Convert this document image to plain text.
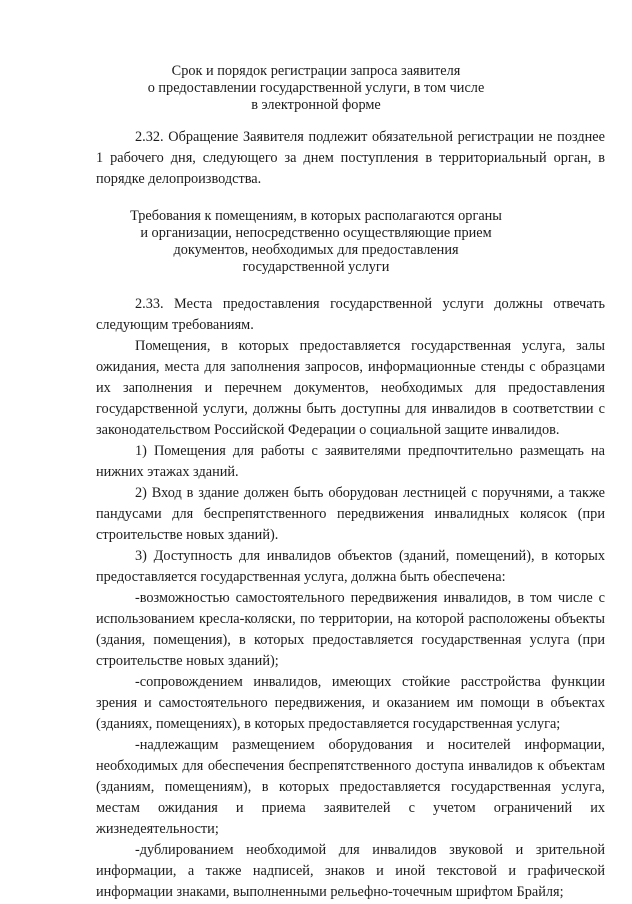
Срок и порядок регистрации запроса заявителя
о предоставлении государственной услуги, в том числе
в электронной форме

2.32. Обращение Заявителя подлежит обязательной регистрации не позднее 1 рабочего дня, следующего за днем поступления в территориальный орган, в порядке делопроизводства.

Требования к помещениям, в которых располагаются органы
и организации, непосредственно осуществляющие прием
документов, необходимых для предоставления
государственной услуги

2.33. Места предоставления государственной услуги должны отвечать следующим требованиям.

Помещения, в которых предоставляется государственная услуга, залы ожидания, места для заполнения запросов, информационные стенды с образцами их заполнения и перечнем документов, необходимых для предоставления государственной услуги, должны быть доступны для инвалидов в соответствии с законодательством Российской Федерации о социальной защите инвалидов.

1) Помещения для работы с заявителями предпочтительно размещать на нижних этажах зданий.

2) Вход в здание должен быть оборудован лестницей с поручнями, а также пандусами для беспрепятственного передвижения инвалидных колясок (при строительстве новых зданий).

3) Доступность для инвалидов объектов (зданий, помещений), в которых предоставляется государственная услуга, должна быть обеспечена:

-возможностью самостоятельного передвижения инвалидов, в том числе с использованием кресла-коляски, по территории, на которой расположены объекты (здания, помещения), в которых предоставляется государственная услуга (при строительстве новых зданий);

-сопровождением инвалидов, имеющих стойкие расстройства функции зрения и самостоятельного передвижения, и оказанием им помощи в объектах (зданиях, помещениях), в которых предоставляется государственная услуга;

-надлежащим размещением оборудования и носителей информации, необходимых для обеспечения беспрепятственного доступа инвалидов к объектам (зданиям, помещениям), в которых предоставляется государственная услуга, местам ожидания и приема заявителей с учетом ограничений их жизнедеятельности;

-дублированием необходимой для инвалидов звуковой и зрительной информации, а также надписей, знаков и иной текстовой и графической информации знаками, выполненными рельефно-точечным шрифтом Брайля;
